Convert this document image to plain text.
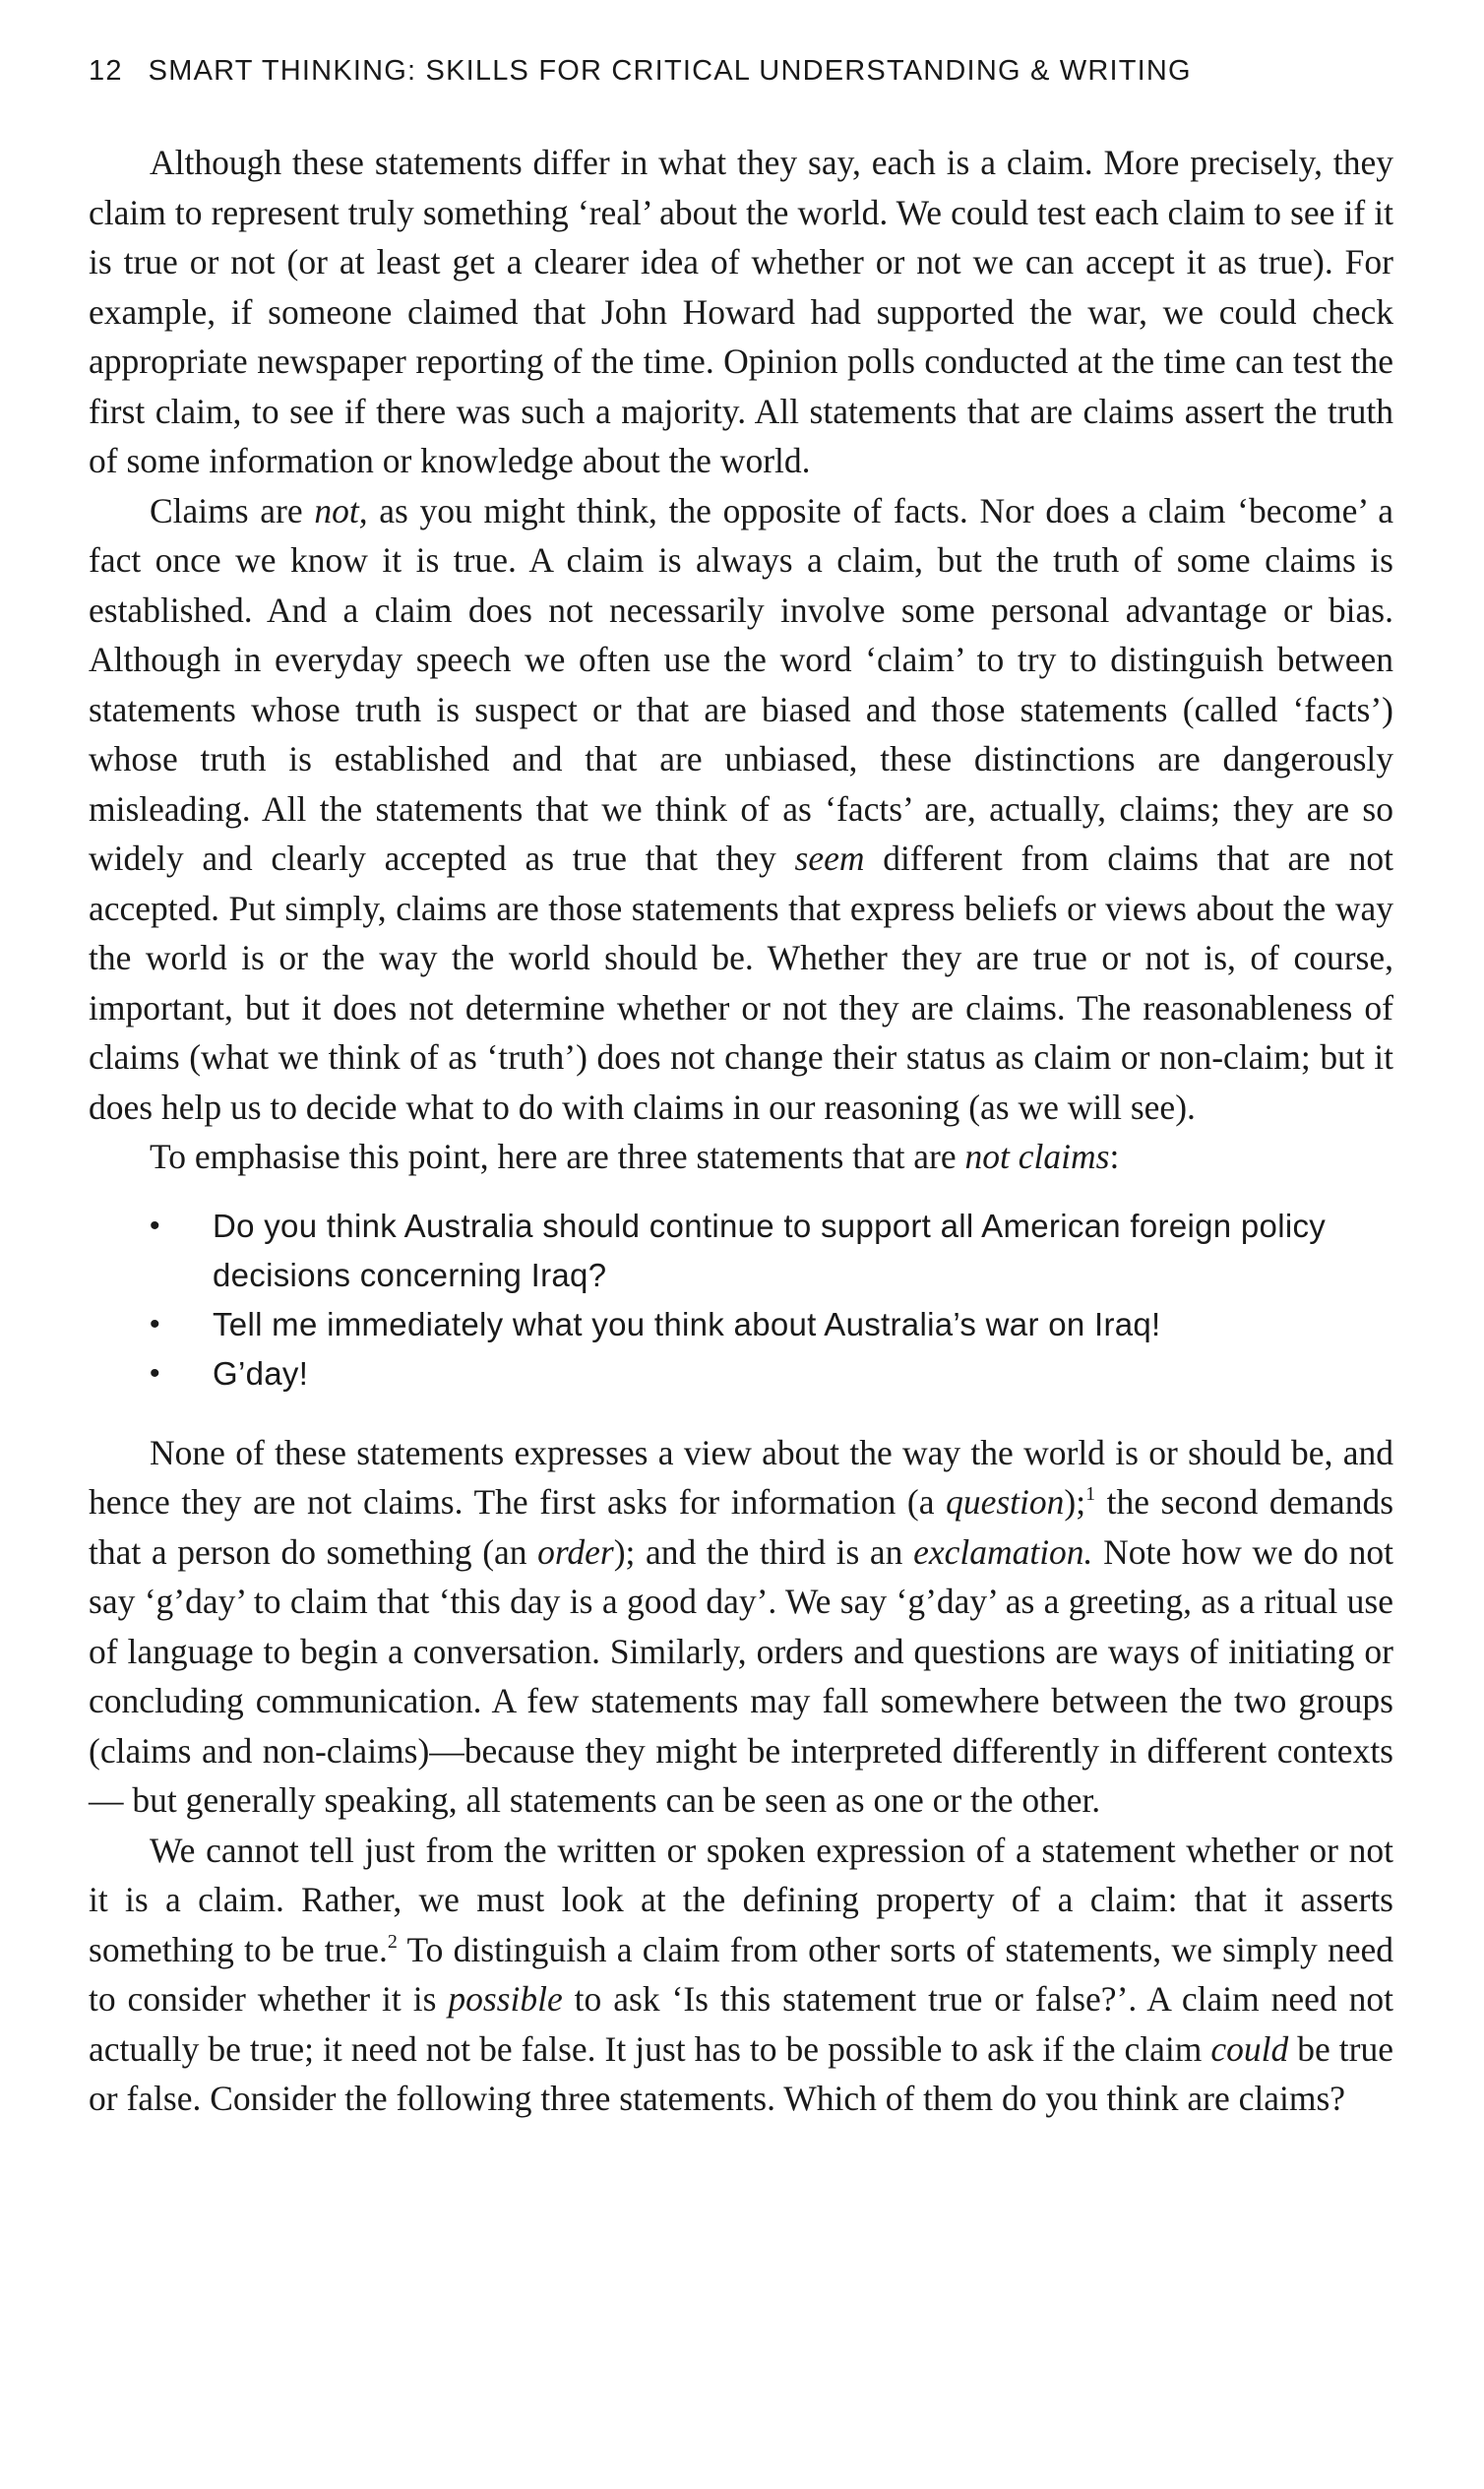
12 SMART THINKING: SKILLS FOR CRITICAL UNDERSTANDING & WRITING

Although these statements differ in what they say, each is a claim. More precisely, they claim to represent truly something ‘real’ about the world. We could test each claim to see if it is true or not (or at least get a clearer idea of whether or not we can accept it as true). For example, if someone claimed that John Howard had supported the war, we could check appropriate newspaper reporting of the time. Opinion polls conducted at the time can test the first claim, to see if there was such a majority. All statements that are claims assert the truth of some information or knowledge about the world.

Claims are not, as you might think, the opposite of facts. Nor does a claim ‘become’ a fact once we know it is true. A claim is always a claim, but the truth of some claims is established. And a claim does not necessarily involve some personal advantage or bias. Although in everyday speech we often use the word ‘claim’ to try to distinguish between statements whose truth is suspect or that are biased and those statements (called ‘facts’) whose truth is established and that are unbiased, these distinctions are dangerously misleading. All the statements that we think of as ‘facts’ are, actually, claims; they are so widely and clearly accepted as true that they seem different from claims that are not accepted. Put simply, claims are those statements that express beliefs or views about the way the world is or the way the world should be. Whether they are true or not is, of course, important, but it does not determine whether or not they are claims. The reasonableness of claims (what we think of as ‘truth’) does not change their status as claim or non-claim; but it does help us to decide what to do with claims in our reasoning (as we will see).

To emphasise this point, here are three statements that are not claims:

• Do you think Australia should continue to support all American foreign policy decisions concerning Iraq?
• Tell me immediately what you think about Australia’s war on Iraq!
• G’day!

None of these statements expresses a view about the way the world is or should be, and hence they are not claims. The first asks for information (a question);$^1$ the second demands that a person do something (an order); and the third is an exclamation. Note how we do not say ‘g’day’ to claim that ‘this day is a good day’. We say ‘g’day’ as a greeting, as a ritual use of language to begin a conversation. Similarly, orders and questions are ways of initiating or concluding communication. A few statements may fall somewhere between the two groups (claims and non-claims)—because they might be interpreted differently in different contexts— but generally speaking, all statements can be seen as one or the other.

We cannot tell just from the written or spoken expression of a statement whether or not it is a claim. Rather, we must look at the defining property of a claim: that it asserts something to be true.$^2$ To distinguish a claim from other sorts of statements, we simply need to consider whether it is possible to ask ‘Is this statement true or false?’. A claim need not actually be true; it need not be false. It just has to be possible to ask if the claim could be true or false. Consider the following three statements. Which of them do you think are claims?
